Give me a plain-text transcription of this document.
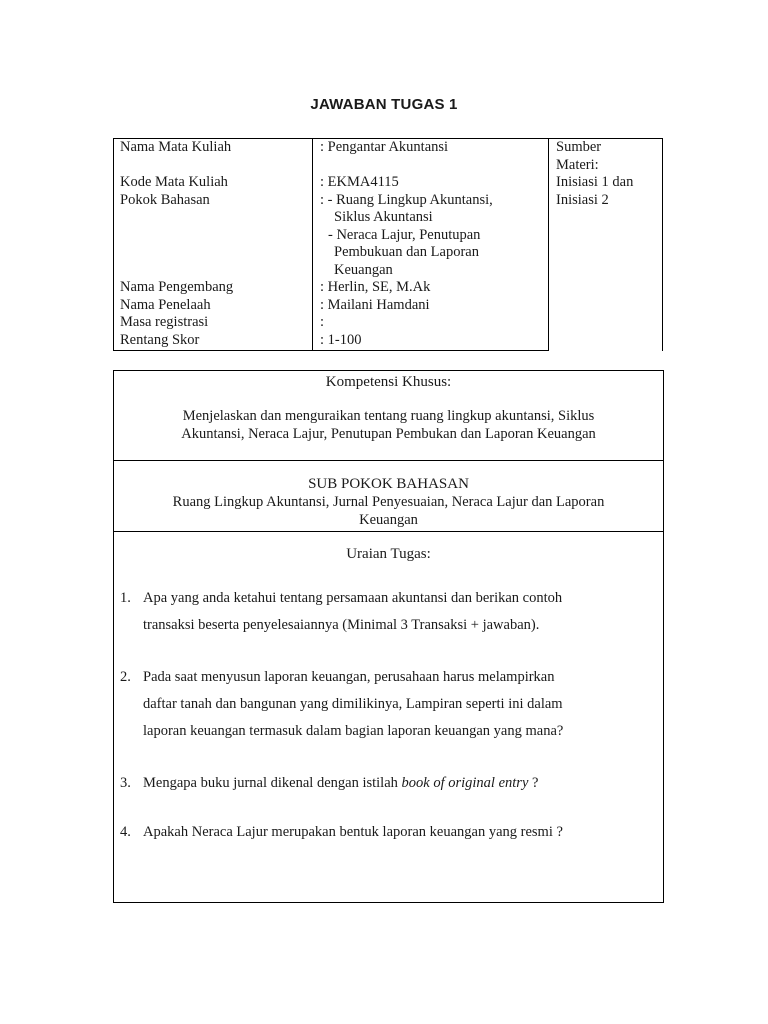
JAWABAN TUGAS 1
Nama Mata Kuliah
Kode Mata Kuliah
Pokok Bahasan
Nama Pengembang
Nama Penelaah
Masa registrasi
Rentang Skor
: Pengantar Akuntansi
: EKMA4115
: - Ruang Lingkup Akuntansi,
Siklus Akuntansi
- Neraca Lajur, Penutupan
Pembukuan dan Laporan
Keuangan
: Herlin, SE, M.Ak
: Mailani Hamdani
:
: 1-100
Sumber
Materi:
Inisiasi 1 dan
Inisiasi 2
Kompetensi Khusus:
Menjelaskan dan menguraikan tentang ruang lingkup akuntansi, Siklus
Akuntansi, Neraca Lajur, Penutupan Pembukan dan Laporan Keuangan
SUB POKOK BAHASAN
Ruang Lingkup Akuntansi, Jurnal Penyesuaian, Neraca Lajur dan Laporan
Keuangan
Uraian Tugas:
1. Apa yang anda ketahui tentang persamaan akuntansi dan berikan contoh
transaksi beserta penyelesaiannya (Minimal 3 Transaksi + jawaban).
2. Pada saat menyusun laporan keuangan, perusahaan harus melampirkan
daftar tanah dan bangunan yang dimilikinya, Lampiran seperti ini dalam
laporan keuangan termasuk dalam bagian laporan keuangan yang mana?
3. Mengapa buku jurnal dikenal dengan istilah book of original entry ?
4. Apakah Neraca Lajur merupakan bentuk laporan keuangan yang resmi ?
